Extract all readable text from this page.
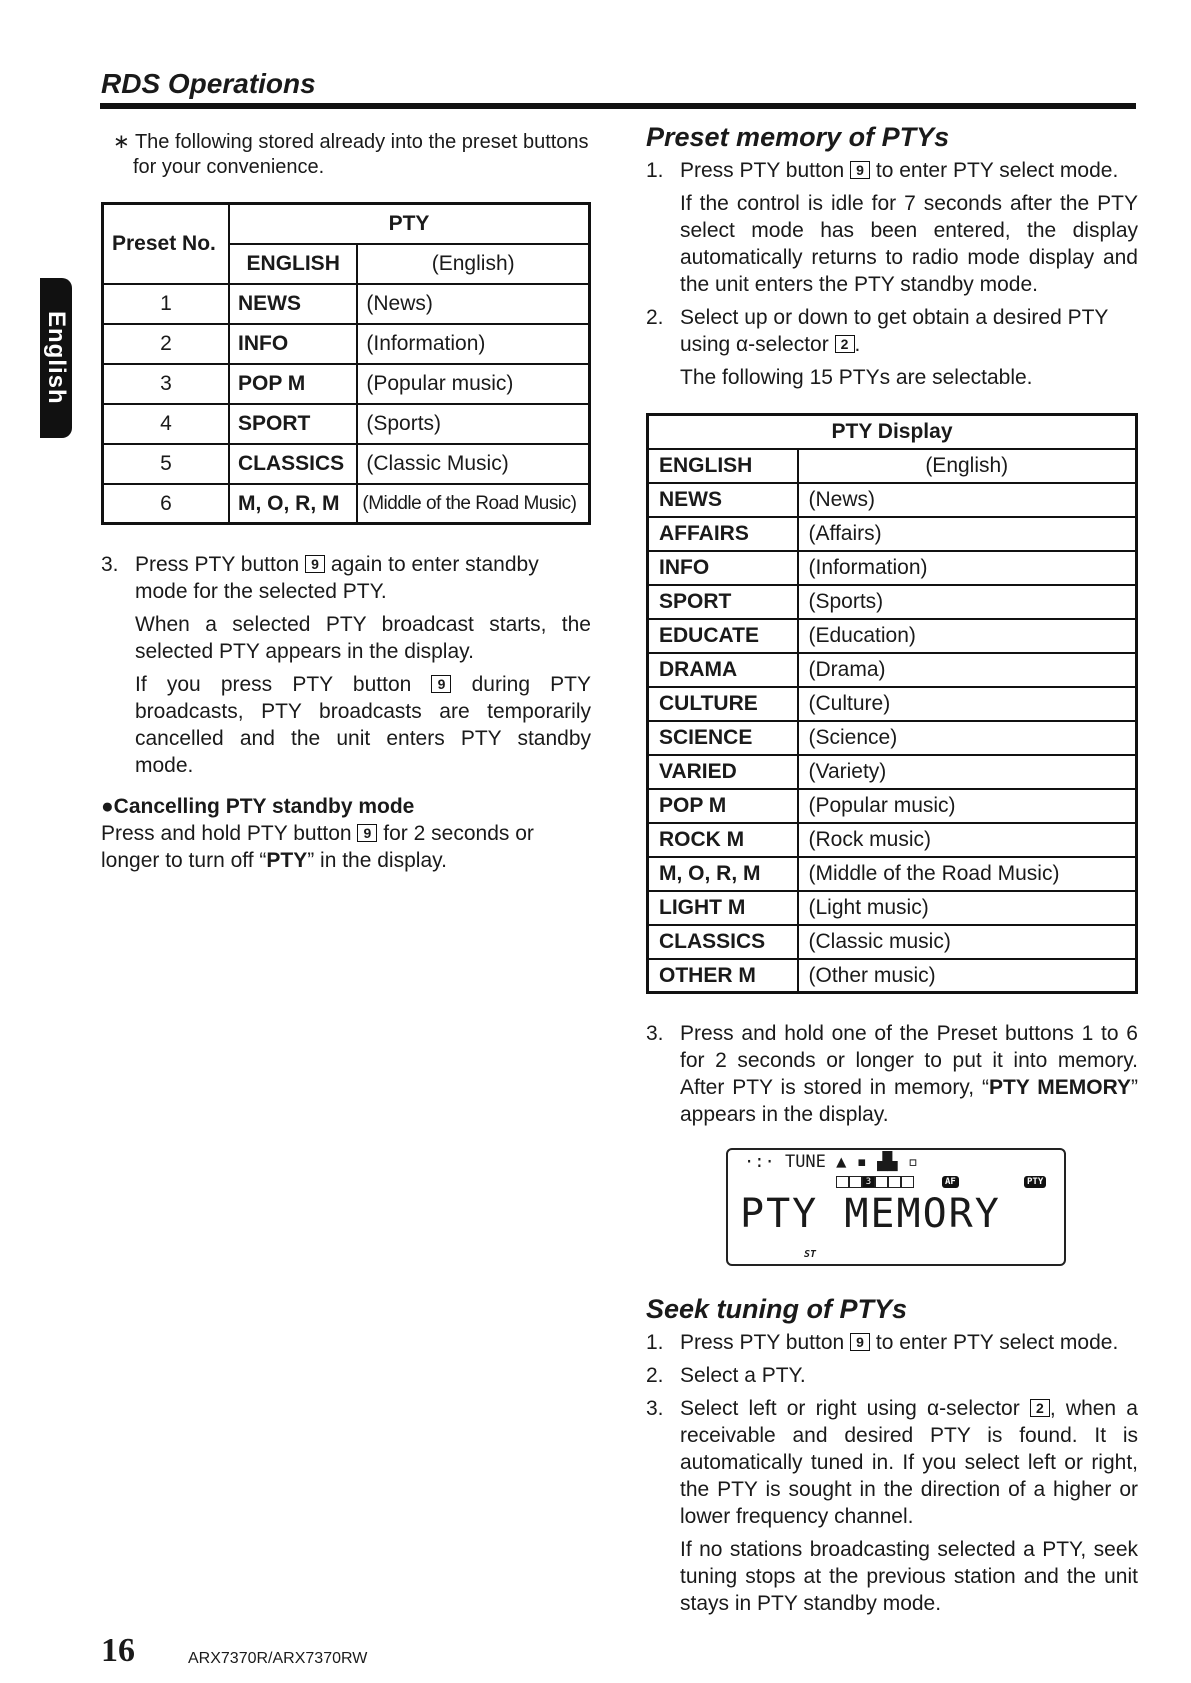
RDS Operations
English
∗ The following stored already into the preset buttons for your convenience.
Preset No.	PTY	
	ENGLISH	(English)
1	NEWS	(News)
2	INFO	(Information)
3	POP M	(Popular music)
4	SPORT	(Sports)
5	CLASSICS	(Classic Music)
6	M, O, R, M	(Middle of the Road Music)
3. Press PTY button 9 again to enter standby mode for the selected PTY.
When a selected PTY broadcast starts, the selected PTY appears in the display.
If you press PTY button 9 during PTY broadcasts, PTY broadcasts are temporarily cancelled and the unit enters PTY standby mode.
●Cancelling PTY standby mode
Press and hold PTY button 9 for 2 seconds or longer to turn off “PTY” in the display.
Preset memory of PTYs
1. Press PTY button 9 to enter PTY select mode.
If the control is idle for 7 seconds after the PTY select mode has been entered, the display automatically returns to radio mode display and the unit enters the PTY standby mode.
2. Select up or down to get obtain a desired PTY using α-selector 2 .
The following 15 PTYs are selectable.
PTY Display	
ENGLISH	(English)
NEWS	(News)
AFFAIRS	(Affairs)
INFO	(Information)
SPORT	(Sports)
EDUCATE	(Education)
DRAMA	(Drama)
CULTURE	(Culture)
SCIENCE	(Science)
VARIED	(Variety)
POP M	(Popular music)
ROCK M	(Rock music)
M, O, R, M	(Middle of the Road Music)
LIGHT M	(Light music)
CLASSICS	(Classic music)
OTHER M	(Other music)
3. Press and hold one of the Preset buttons 1 to 6 for 2 seconds or longer to put it into memory. After PTY is stored in memory, “PTY MEMORY” appears in the display.
·:· TUNE ▲ ▪ ▟▙ ▫
3	AF	PTY
PTY MEMORY
ST
Seek tuning of PTYs
1. Press PTY button 9 to enter PTY select mode.
2. Select a PTY.
3. Select left or right using α-selector 2 , when a receivable and desired PTY is found. It is automatically tuned in. If you select left or right, the PTY is sought in the direction of a higher or lower frequency channel.
If no stations broadcasting selected a PTY, seek tuning stops at the previous station and the unit stays in PTY standby mode.
16	ARX7370R/ARX7370RW
